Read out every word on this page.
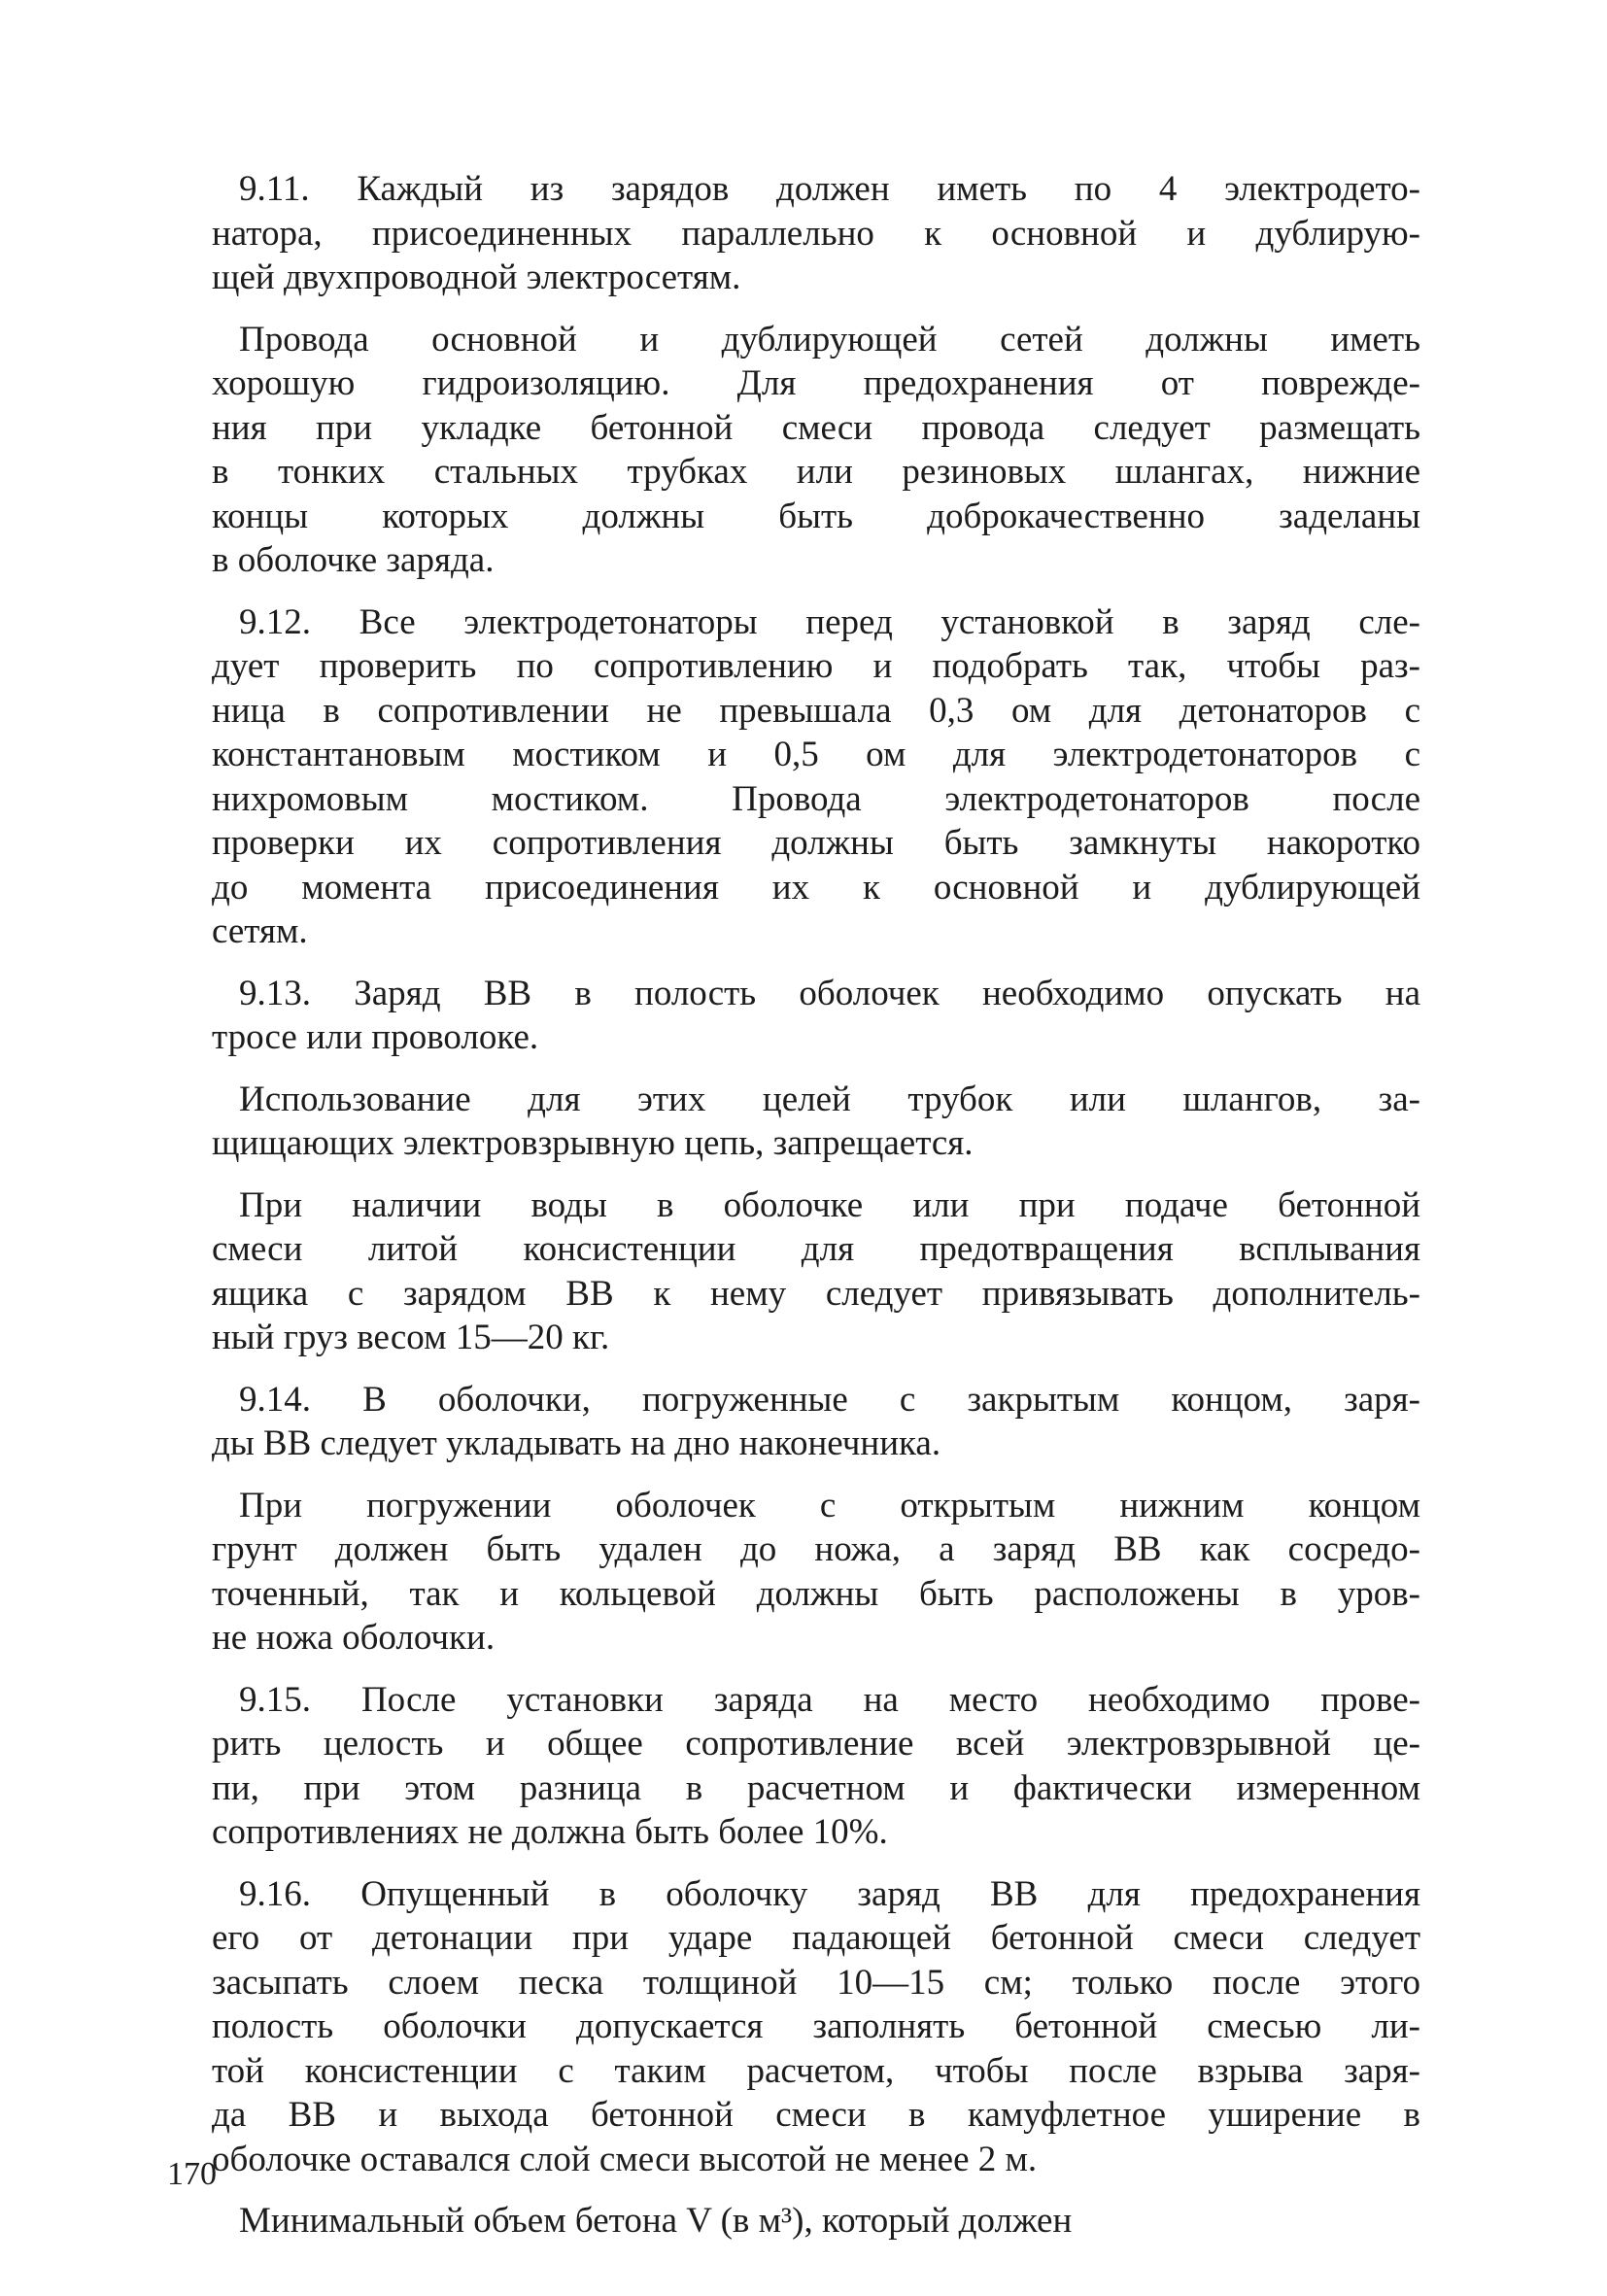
9.11. Каждый из зарядов должен иметь по 4 электродето-
натора, присоединенных параллельно к основной и дублирую-
щей двухпроводной электросетям.

Провода основной и дублирующей сетей должны иметь
хорошую гидроизоляцию. Для предохранения от поврежде-
ния при укладке бетонной смеси провода следует размещать
в тонких стальных трубках или резиновых шлангах, нижние
концы которых должны быть доброкачественно заделаны
в оболочке заряда.

9.12. Все электродетонаторы перед установкой в заряд сле-
дует проверить по сопротивлению и подобрать так, чтобы раз-
ница в сопротивлении не превышала 0,3 ом для детонаторов с
константановым мостиком и 0,5 ом для электродетонаторов с
нихромовым мостиком. Провода электродетонаторов после
проверки их сопротивления должны быть замкнуты накоротко
до момента присоединения их к основной и дублирующей
сетям.

9.13. Заряд ВВ в полость оболочек необходимо опускать на
тросе или проволоке.

Использование для этих целей трубок или шлангов, за-
щищающих электровзрывную цепь, запрещается.

При наличии воды в оболочке или при подаче бетонной
смеси литой консистенции для предотвращения всплывания
ящика с зарядом ВВ к нему следует привязывать дополнитель-
ный груз весом 15—20 кг.

9.14. В оболочки, погруженные с закрытым концом, заря-
ды ВВ следует укладывать на дно наконечника.

При погружении оболочек с открытым нижним концом
грунт должен быть удален до ножа, а заряд ВВ как сосредо-
точенный, так и кольцевой должны быть расположены в уров-
не ножа оболочки.

9.15. После установки заряда на место необходимо прове-
рить целость и общее сопротивление всей электровзрывной це-
пи, при этом разница в расчетном и фактически измеренном
сопротивлениях не должна быть более 10%.

9.16. Опущенный в оболочку заряд ВВ для предохранения
его от детонации при ударе падающей бетонной смеси следует
засыпать слоем песка толщиной 10—15 см; только после этого
полость оболочки допускается заполнять бетонной смесью ли-
той консистенции с таким расчетом, чтобы после взрыва заря-
да ВВ и выхода бетонной смеси в камуфлетное уширение в
оболочке оставался слой смеси высотой не менее 2 м.

Минимальный объем бетона V (в м³), который должен

170
